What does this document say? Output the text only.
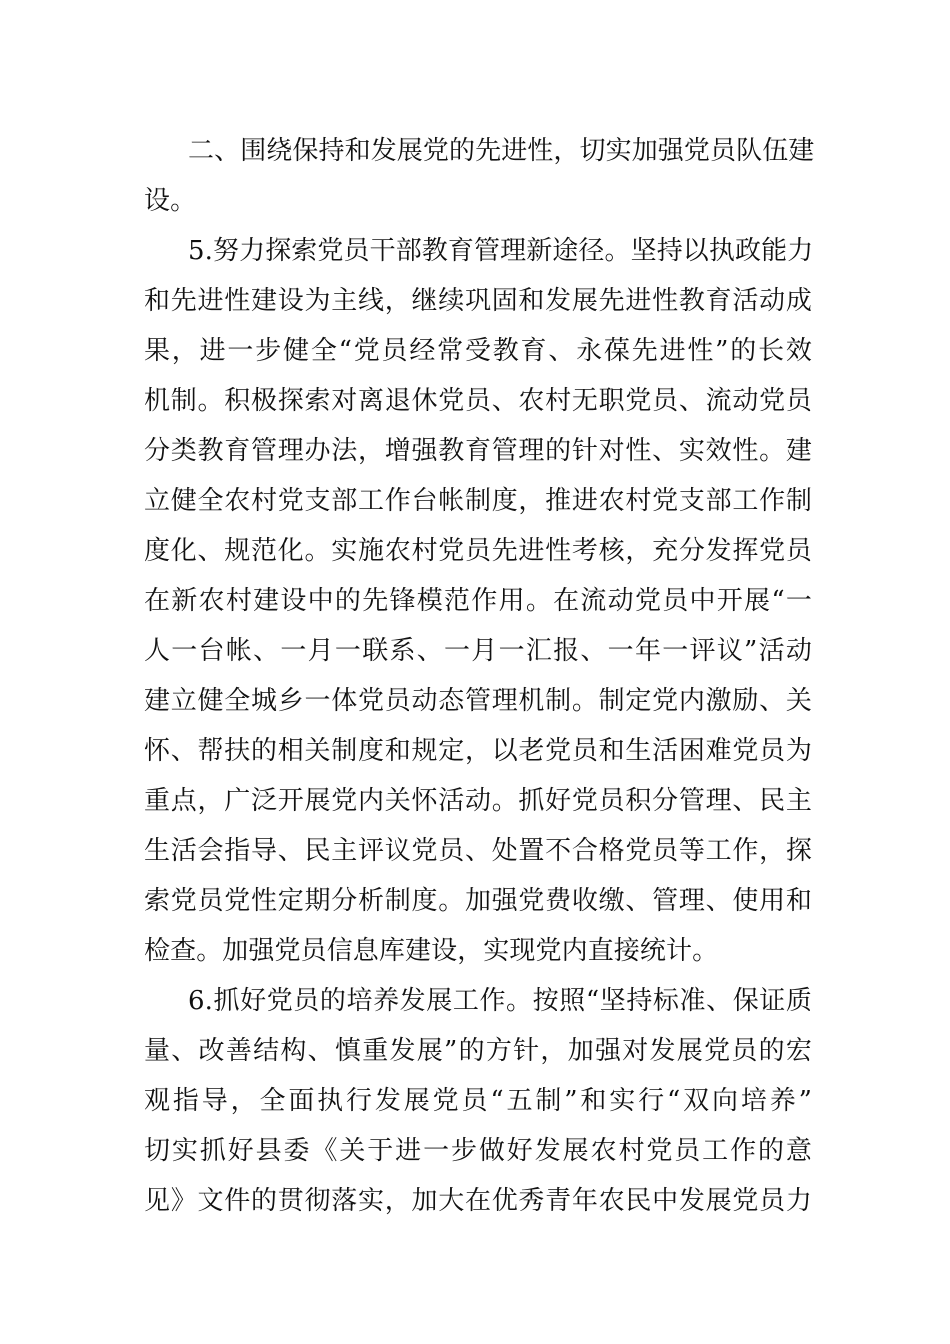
二、围绕保持和发展党的先进性，切实加强党员队伍建
设。
5.努力探索党员干部教育管理新途径。坚持以执政能力
和先进性建设为主线，继续巩固和发展先进性教育活动成
果，进一步健全“党员经常受教育、永葆先进性”的长效
机制。积极探索对离退休党员、农村无职党员、流动党员
分类教育管理办法，增强教育管理的针对性、实效性。建
立健全农村党支部工作台帐制度，推进农村党支部工作制
度化、规范化。实施农村党员先进性考核，充分发挥党员
在新农村建设中的先锋模范作用。在流动党员中开展“一
人一台帐、一月一联系、一月一汇报、一年一评议”活动
建立健全城乡一体党员动态管理机制。制定党内激励、关
怀、帮扶的相关制度和规定，以老党员和生活困难党员为
重点，广泛开展党内关怀活动。抓好党员积分管理、民主
生活会指导、民主评议党员、处置不合格党员等工作，探
索党员党性定期分析制度。加强党费收缴、管理、使用和
检查。加强党员信息库建设，实现党内直接统计。
6.抓好党员的培养发展工作。按照“坚持标准、保证质
量、改善结构、慎重发展”的方针，加强对发展党员的宏
观指导，全面执行发展党员“五制”和实行“双向培养”
切实抓好县委《关于进一步做好发展农村党员工作的意
见》文件的贯彻落实，加大在优秀青年农民中发展党员力
